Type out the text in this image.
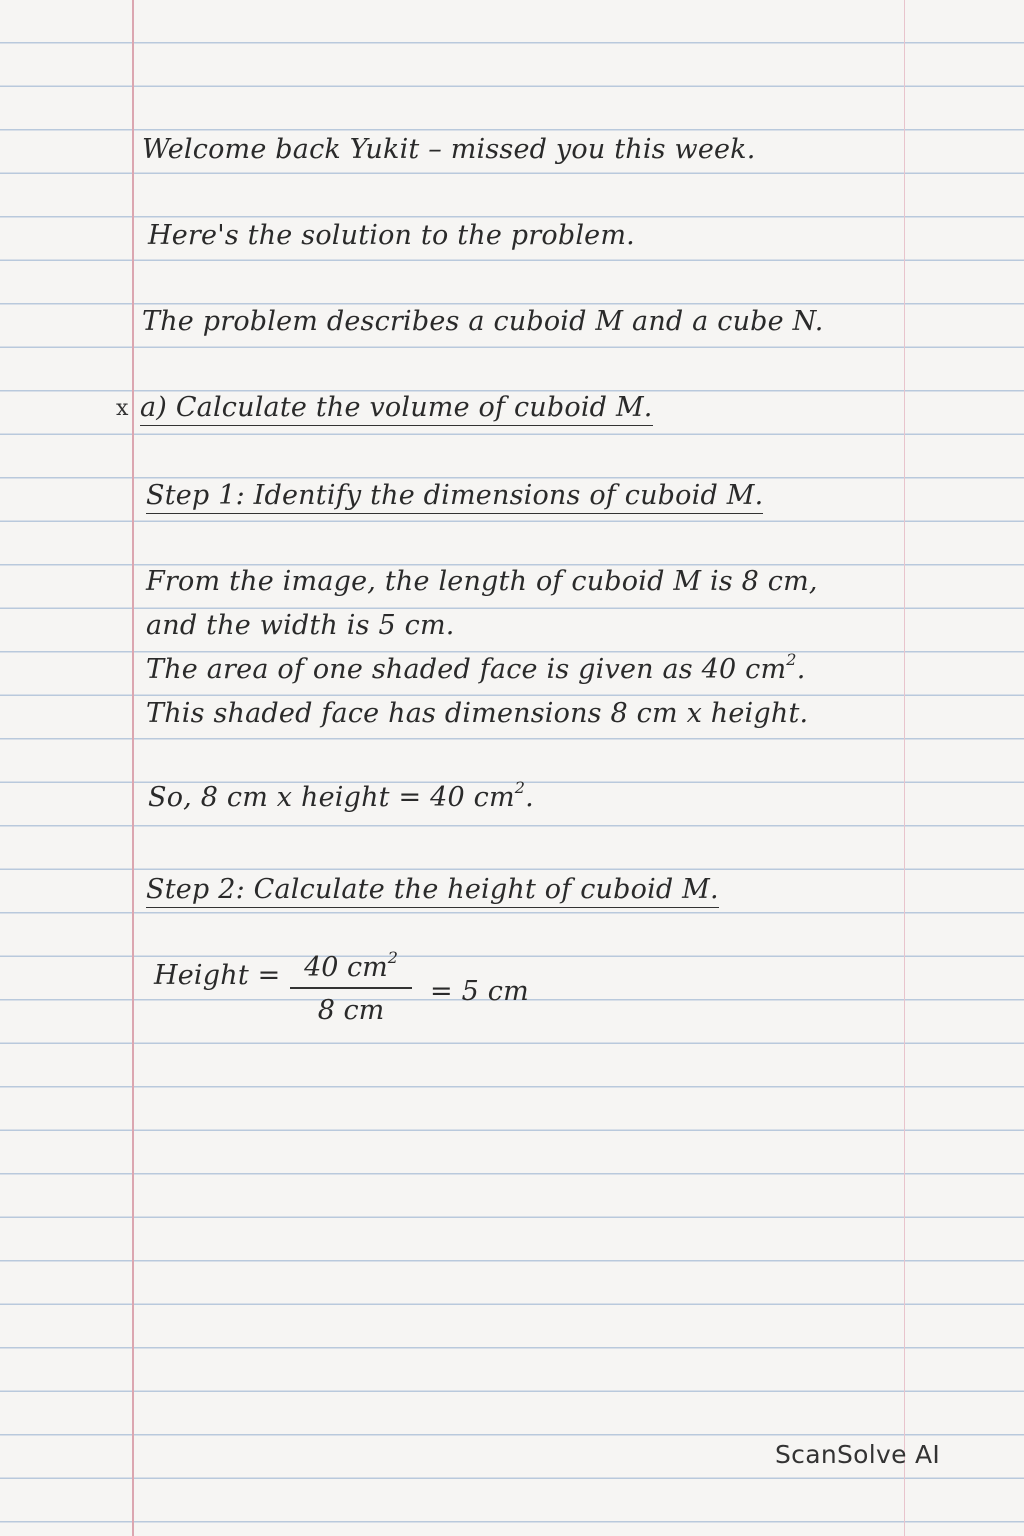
Welcome back Yukit – missed you this week.
Here's the solution to the problem.
The problem describes a cuboid M and a cube N.
x a) Calculate the volume of cuboid M.
Step 1: Identify the dimensions of cuboid M.
From the image, the length of cuboid M is 8 cm,
and the width is 5 cm.
The area of one shaded face is given as 40 $cm^2$.
This shaded face has dimensions 8 cm x height.
So, 8 cm x height = 40 $cm^2$.
Step 2: Calculate the height of cuboid M.
Height = $\frac{40 cm^2}{8 cm} = 5$ cm
ScanSolve AI
